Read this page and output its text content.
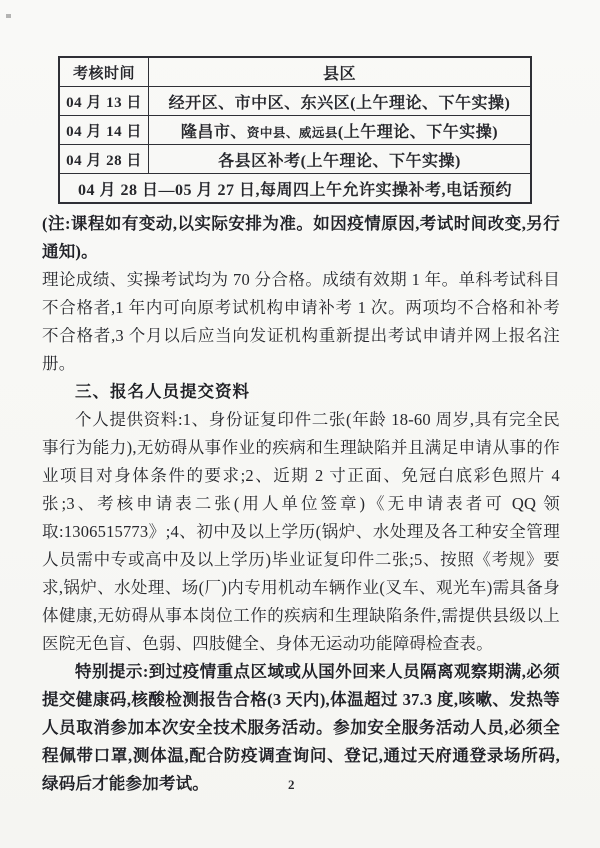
考核时间	县区
04 月 13 日	经开区、市中区、东兴区(上午理论、下午实操)
04 月 14 日	隆昌市、资中县、威远县(上午理论、下午实操)
04 月 28 日	各县区补考(上午理论、下午实操)
04 月 28 日—05 月 27 日,每周四上午允许实操补考,电话预约	

(注:课程如有变动,以实际安排为准。如因疫情原因,考试时间改变,另行通知)。

理论成绩、实操考试均为 70 分合格。成绩有效期 1 年。单科考试科目不合格者,1 年内可向原考试机构申请补考 1 次。两项均不合格和补考不合格者,3 个月以后应当向发证机构重新提出考试申请并网上报名注册。

三、报名人员提交资料

个人提供资料:1、身份证复印件二张(年龄 18-60 周岁,具有完全民事行为能力),无妨碍从事作业的疾病和生理缺陷并且满足申请从事的作业项目对身体条件的要求;2、近期 2 寸正面、免冠白底彩色照片 4 张;3、考核申请表二张(用人单位签章)《无申请表者可 QQ 领取:1306515773》;4、初中及以上学历(锅炉、水处理及各工种安全管理人员需中专或高中及以上学历)毕业证复印件二张;5、按照《考规》要求,锅炉、水处理、场(厂)内专用机动车辆作业(叉车、观光车)需具备身体健康,无妨碍从事本岗位工作的疾病和生理缺陷条件,需提供县级以上医院无色盲、色弱、四肢健全、身体无运动功能障碍检查表。

特别提示:到过疫情重点区域或从国外回来人员隔离观察期满,必须提交健康码,核酸检测报告合格(3 天内),体温超过 37.3 度,咳嗽、发热等人员取消参加本次安全技术服务活动。参加安全服务活动人员,必须全程佩带口罩,测体温,配合防疫调查询问、登记,通过天府通登录场所码,绿码后才能参加考试。	2
